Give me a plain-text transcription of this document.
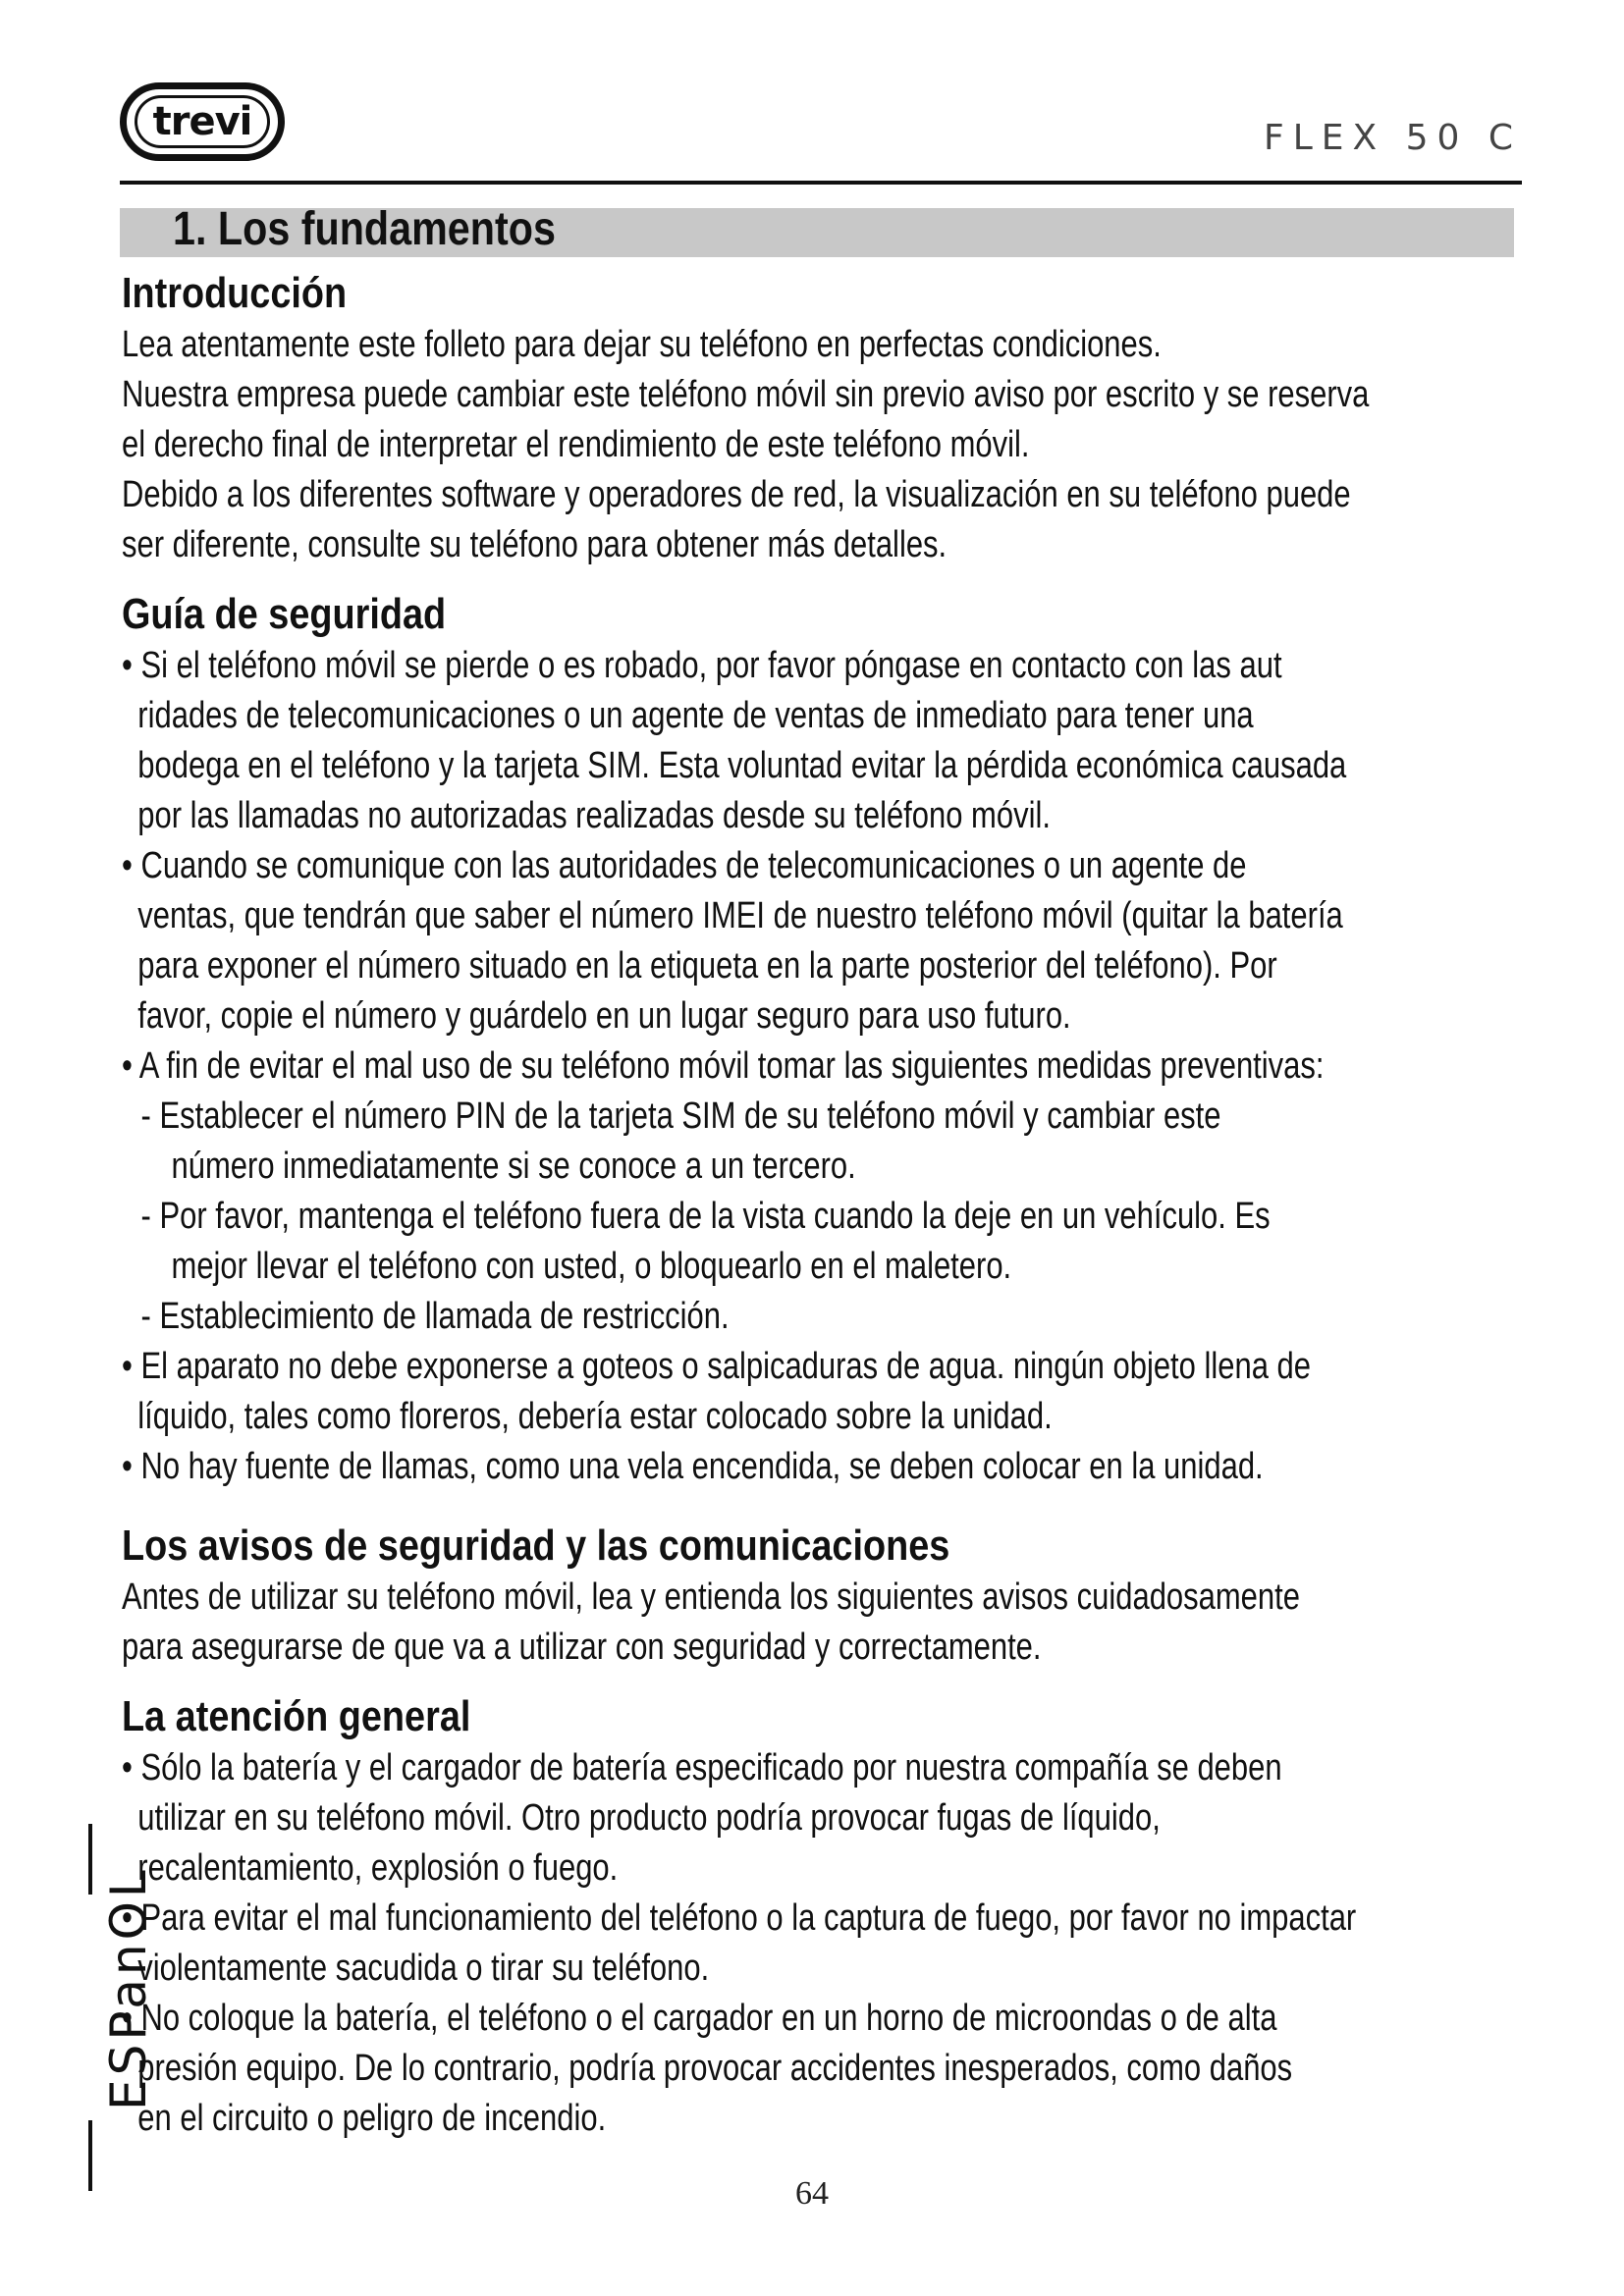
trevi	FLEX 50 C
1. Los fundamentos
Introducción
Lea atentamente este folleto para dejar su teléfono en perfectas condiciones.
Nuestra empresa puede cambiar este teléfono móvil sin previo aviso por escrito y se reserva
el derecho final de interpretar el rendimiento de este teléfono móvil.
Debido a los diferentes software y operadores de red, la visualización en su teléfono puede
ser diferente, consulte su teléfono para obtener más detalles.
Guía de seguridad
• Si el teléfono móvil se pierde o es robado, por favor póngase en contacto con las aut
ridades de telecomunicaciones o un agente de ventas de inmediato para tener una
bodega en el teléfono y la tarjeta SIM. Esta voluntad evitar la pérdida económica causada
por las llamadas no autorizadas realizadas desde su teléfono móvil.
• Cuando se comunique con las autoridades de telecomunicaciones o un agente de
ventas, que tendrán que saber el número IMEI de nuestro teléfono móvil (quitar la batería
para exponer el número situado en la etiqueta en la parte posterior del teléfono). Por
favor, copie el número y guárdelo en un lugar seguro para uso futuro.
• A fin de evitar el mal uso de su teléfono móvil tomar las siguientes medidas preventivas:
- Establecer el número PIN de la tarjeta SIM de su teléfono móvil y cambiar este
número inmediatamente si se conoce a un tercero.
- Por favor, mantenga el teléfono fuera de la vista cuando la deje en un vehículo. Es
mejor llevar el teléfono con usted, o bloquearlo en el maletero.
- Establecimiento de llamada de restricción.
• El aparato no debe exponerse a goteos o salpicaduras de agua. ningún objeto llena de
líquido, tales como floreros, debería estar colocado sobre la unidad.
• No hay fuente de llamas, como una vela encendida, se deben colocar en la unidad.
Los avisos de seguridad y las comunicaciones
Antes de utilizar su teléfono móvil, lea y entienda los siguientes avisos cuidadosamente
para asegurarse de que va a utilizar con seguridad y correctamente.
La atención general
• Sólo la batería y el cargador de batería especificado por nuestra compañía se deben
utilizar en su teléfono móvil. Otro producto podría provocar fugas de líquido,
recalentamiento, explosión o fuego.
• Para evitar el mal funcionamiento del teléfono o la captura de fuego, por favor no impactar
violentamente sacudida o tirar su teléfono.
• No coloque la batería, el teléfono o el cargador en un horno de microondas o de alta
presión equipo. De lo contrario, podría provocar accidentes inesperados, como daños
en el circuito o peligro de incendio.
ESPanOL
64
